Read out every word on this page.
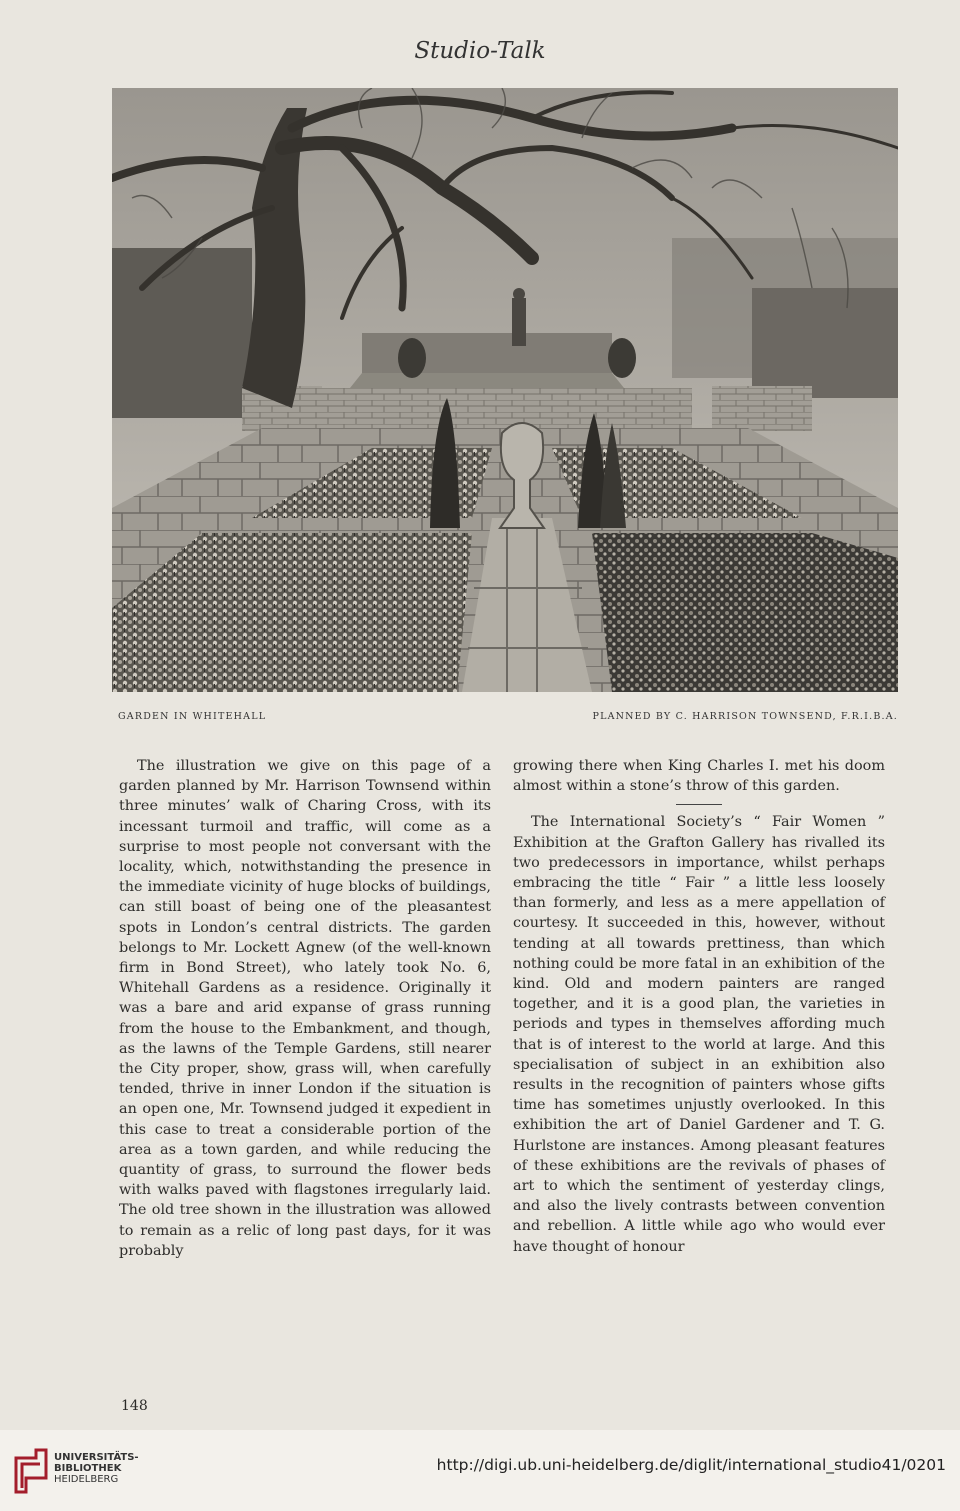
Studio-Talk
GARDEN IN WHITEHALL	PLANNED BY C. HARRISON TOWNSEND, F.R.I.B.A.

The illustration we give on this page of a garden planned by Mr. Harrison Townsend within three minutes’ walk of Charing Cross, with its incessant turmoil and traffic, will come as a surprise to most people not conversant with the locality, which, notwithstanding the presence in the immediate vicinity of huge blocks of buildings, can still boast of being one of the pleasantest spots in London’s central districts. The garden belongs to Mr. Lockett Agnew (of the well-known firm in Bond Street), who lately took No. 6, Whitehall Gardens as a residence. Originally it was a bare and arid expanse of grass running from the house to the Embankment, and though, as the lawns of the Temple Gardens, still nearer the City proper, show, grass will, when carefully tended, thrive in inner London if the situation is an open one, Mr. Townsend judged it expedient in this case to treat a considerable portion of the area as a town garden, and while reducing the quantity of grass, to surround the flower beds with walks paved with flagstones irregularly laid. The old tree shown in the illustration was allowed to remain as a relic of long past days, for it was probably

growing there when King Charles I. met his doom almost within a stone’s throw of this garden.

The International Society’s “ Fair Women ” Exhibition at the Grafton Gallery has rivalled its two predecessors in importance, whilst perhaps embracing the title “ Fair ” a little less loosely than formerly, and less as a mere appellation of courtesy. It succeeded in this, however, without tending at all towards prettiness, than which nothing could be more fatal in an exhibition of the kind. Old and modern painters are ranged together, and it is a good plan, the varieties in periods and types in themselves affording much that is of interest to the world at large. And this specialisation of subject in an exhibition also results in the recognition of painters whose gifts time has sometimes unjustly overlooked. In this exhibition the art of Daniel Gardener and T. G. Hurlstone are instances. Among pleasant features of these exhibitions are the revivals of phases of art to which the sentiment of yesterday clings, and also the lively contrasts between convention and rebellion. A little while ago who would ever have thought of honour

148
UNIVERSITÄTS-
BIBLIOTHEK
HEIDELBERG
http://digi.ub.uni-heidelberg.de/diglit/international_studio41/0201
